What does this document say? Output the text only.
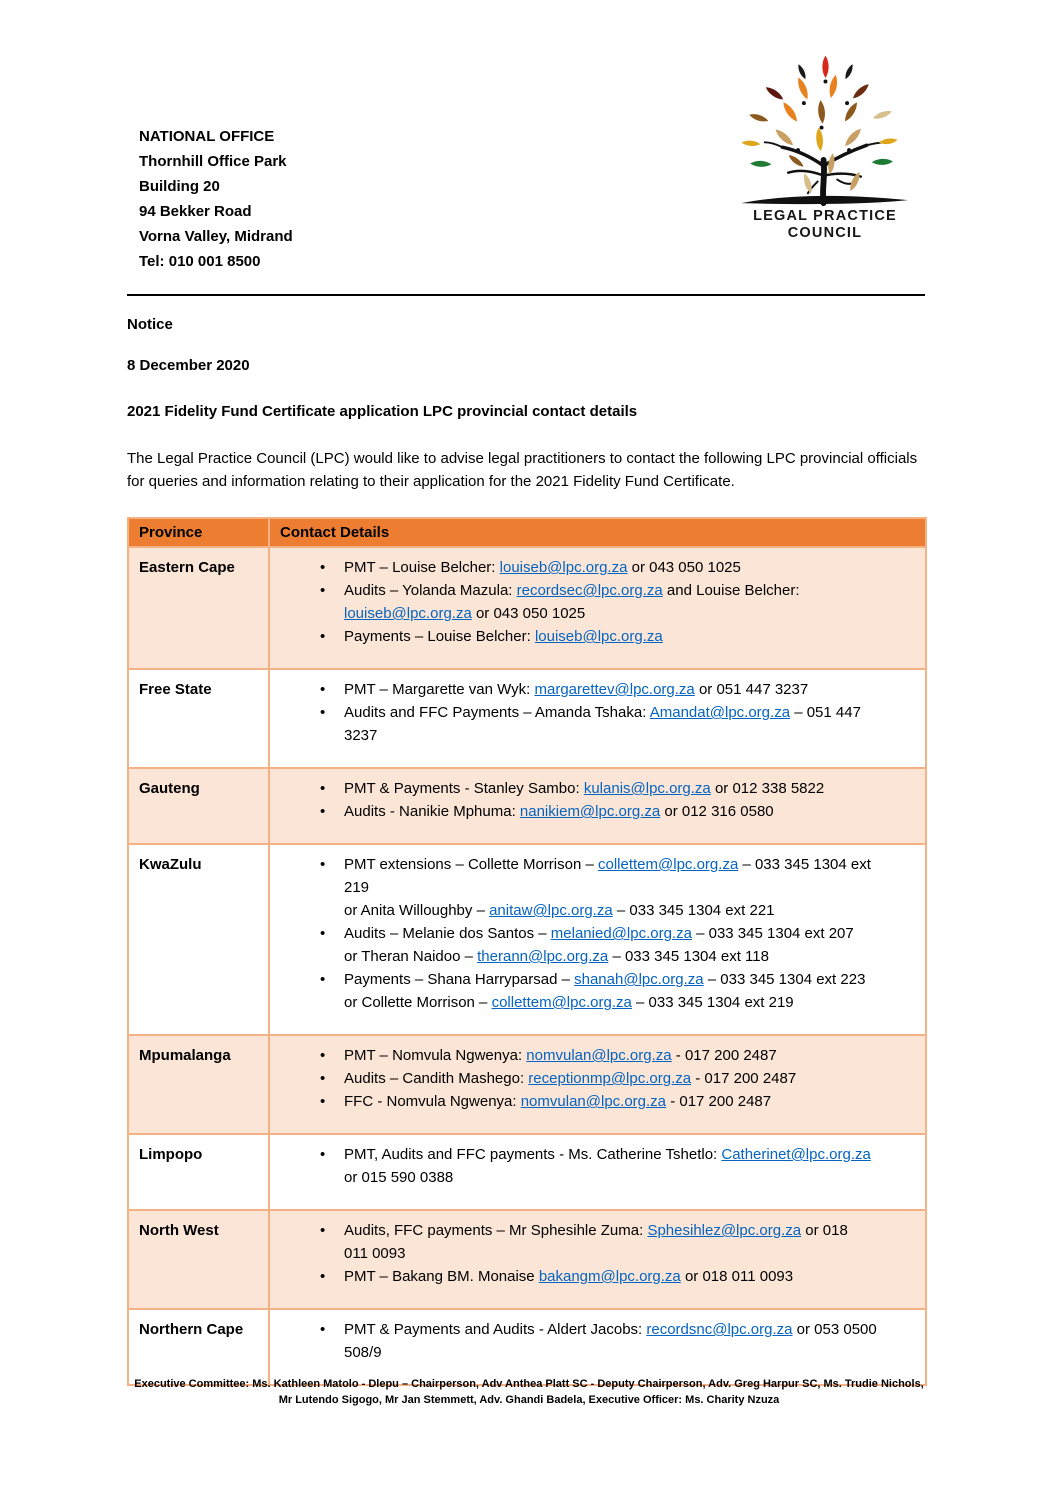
NATIONAL OFFICE
Thornhill Office Park
Building 20
94 Bekker Road
Vorna Valley, Midrand
Tel: 010 001 8500
LEGAL PRACTICE
COUNCIL
Notice
8 December 2020
2021 Fidelity Fund Certificate application LPC provincial contact details

The Legal Practice Council (LPC) would like to advise legal practitioners to contact the following LPC provincial officials for queries and information relating to their application for the 2021 Fidelity Fund Certificate.

Province	Contact Details
Eastern Cape	
•PMT – Louise Belcher: louiseb@lpc.org.za or 043 050 1025
• Audits – Yolanda Mazula: recordsec@lpc.org.za and Louise Belcher:
louiseb@lpc.org.za or 043 050 1025
• Payments – Louise Belcher: louiseb@lpc.org.za

Free State	
•PMT – Margarette van Wyk: margarettev@lpc.org.za or 051 447 3237
• Audits and FFC Payments – Amanda Tshaka: Amandat@lpc.org.za – 051 447
3237

Gauteng	
•PMT & Payments - Stanley Sambo: kulanis@lpc.org.za or 012 338 5822
• Audits - Nanikie Mphuma: nanikiem@lpc.org.za or 012 316 0580

KwaZulu	
•PMT extensions – Collette Morrison – collettem@lpc.org.za – 033 345 1304 ext
219
or Anita Willoughby – anitaw@lpc.org.za – 033 345 1304 ext 221
• Audits – Melanie dos Santos – melanied@lpc.org.za – 033 345 1304 ext 207
or Theran Naidoo – therann@lpc.org.za – 033 345 1304 ext 118
• Payments – Shana Harryparsad – shanah@lpc.org.za – 033 345 1304 ext 223
or Collette Morrison – collettem@lpc.org.za – 033 345 1304 ext 219

Mpumalanga	
•PMT – Nomvula Ngwenya: nomvulan@lpc.org.za - 017 200 2487
• Audits – Candith Mashego: receptionmp@lpc.org.za - 017 200 2487
• FFC - Nomvula Ngwenya: nomvulan@lpc.org.za - 017 200 2487

Limpopo	
•PMT, Audits and FFC payments - Ms. Catherine Tshetlo: Catherinet@lpc.org.za
or 015 590 0388

North West	
•Audits, FFC payments – Mr Sphesihle Zuma: Sphesihlez@lpc.org.za or 018
011 0093
• PMT – Bakang BM. Monaise bakangm@lpc.org.za or 018 011 0093

Northern Cape	
•PMT & Payments and Audits - Aldert Jacobs: recordsnc@lpc.org.za or 053 0500
508/9
Executive Committee: Ms. Kathleen Matolo - Dlepu – Chairperson, Adv Anthea Platt SC - Deputy Chairperson, Adv. Greg Harpur SC, Ms. Trudie Nichols,
Mr Lutendo Sigogo, Mr Jan Stemmett, Adv. Ghandi Badela, Executive Officer: Ms. Charity Nzuza
